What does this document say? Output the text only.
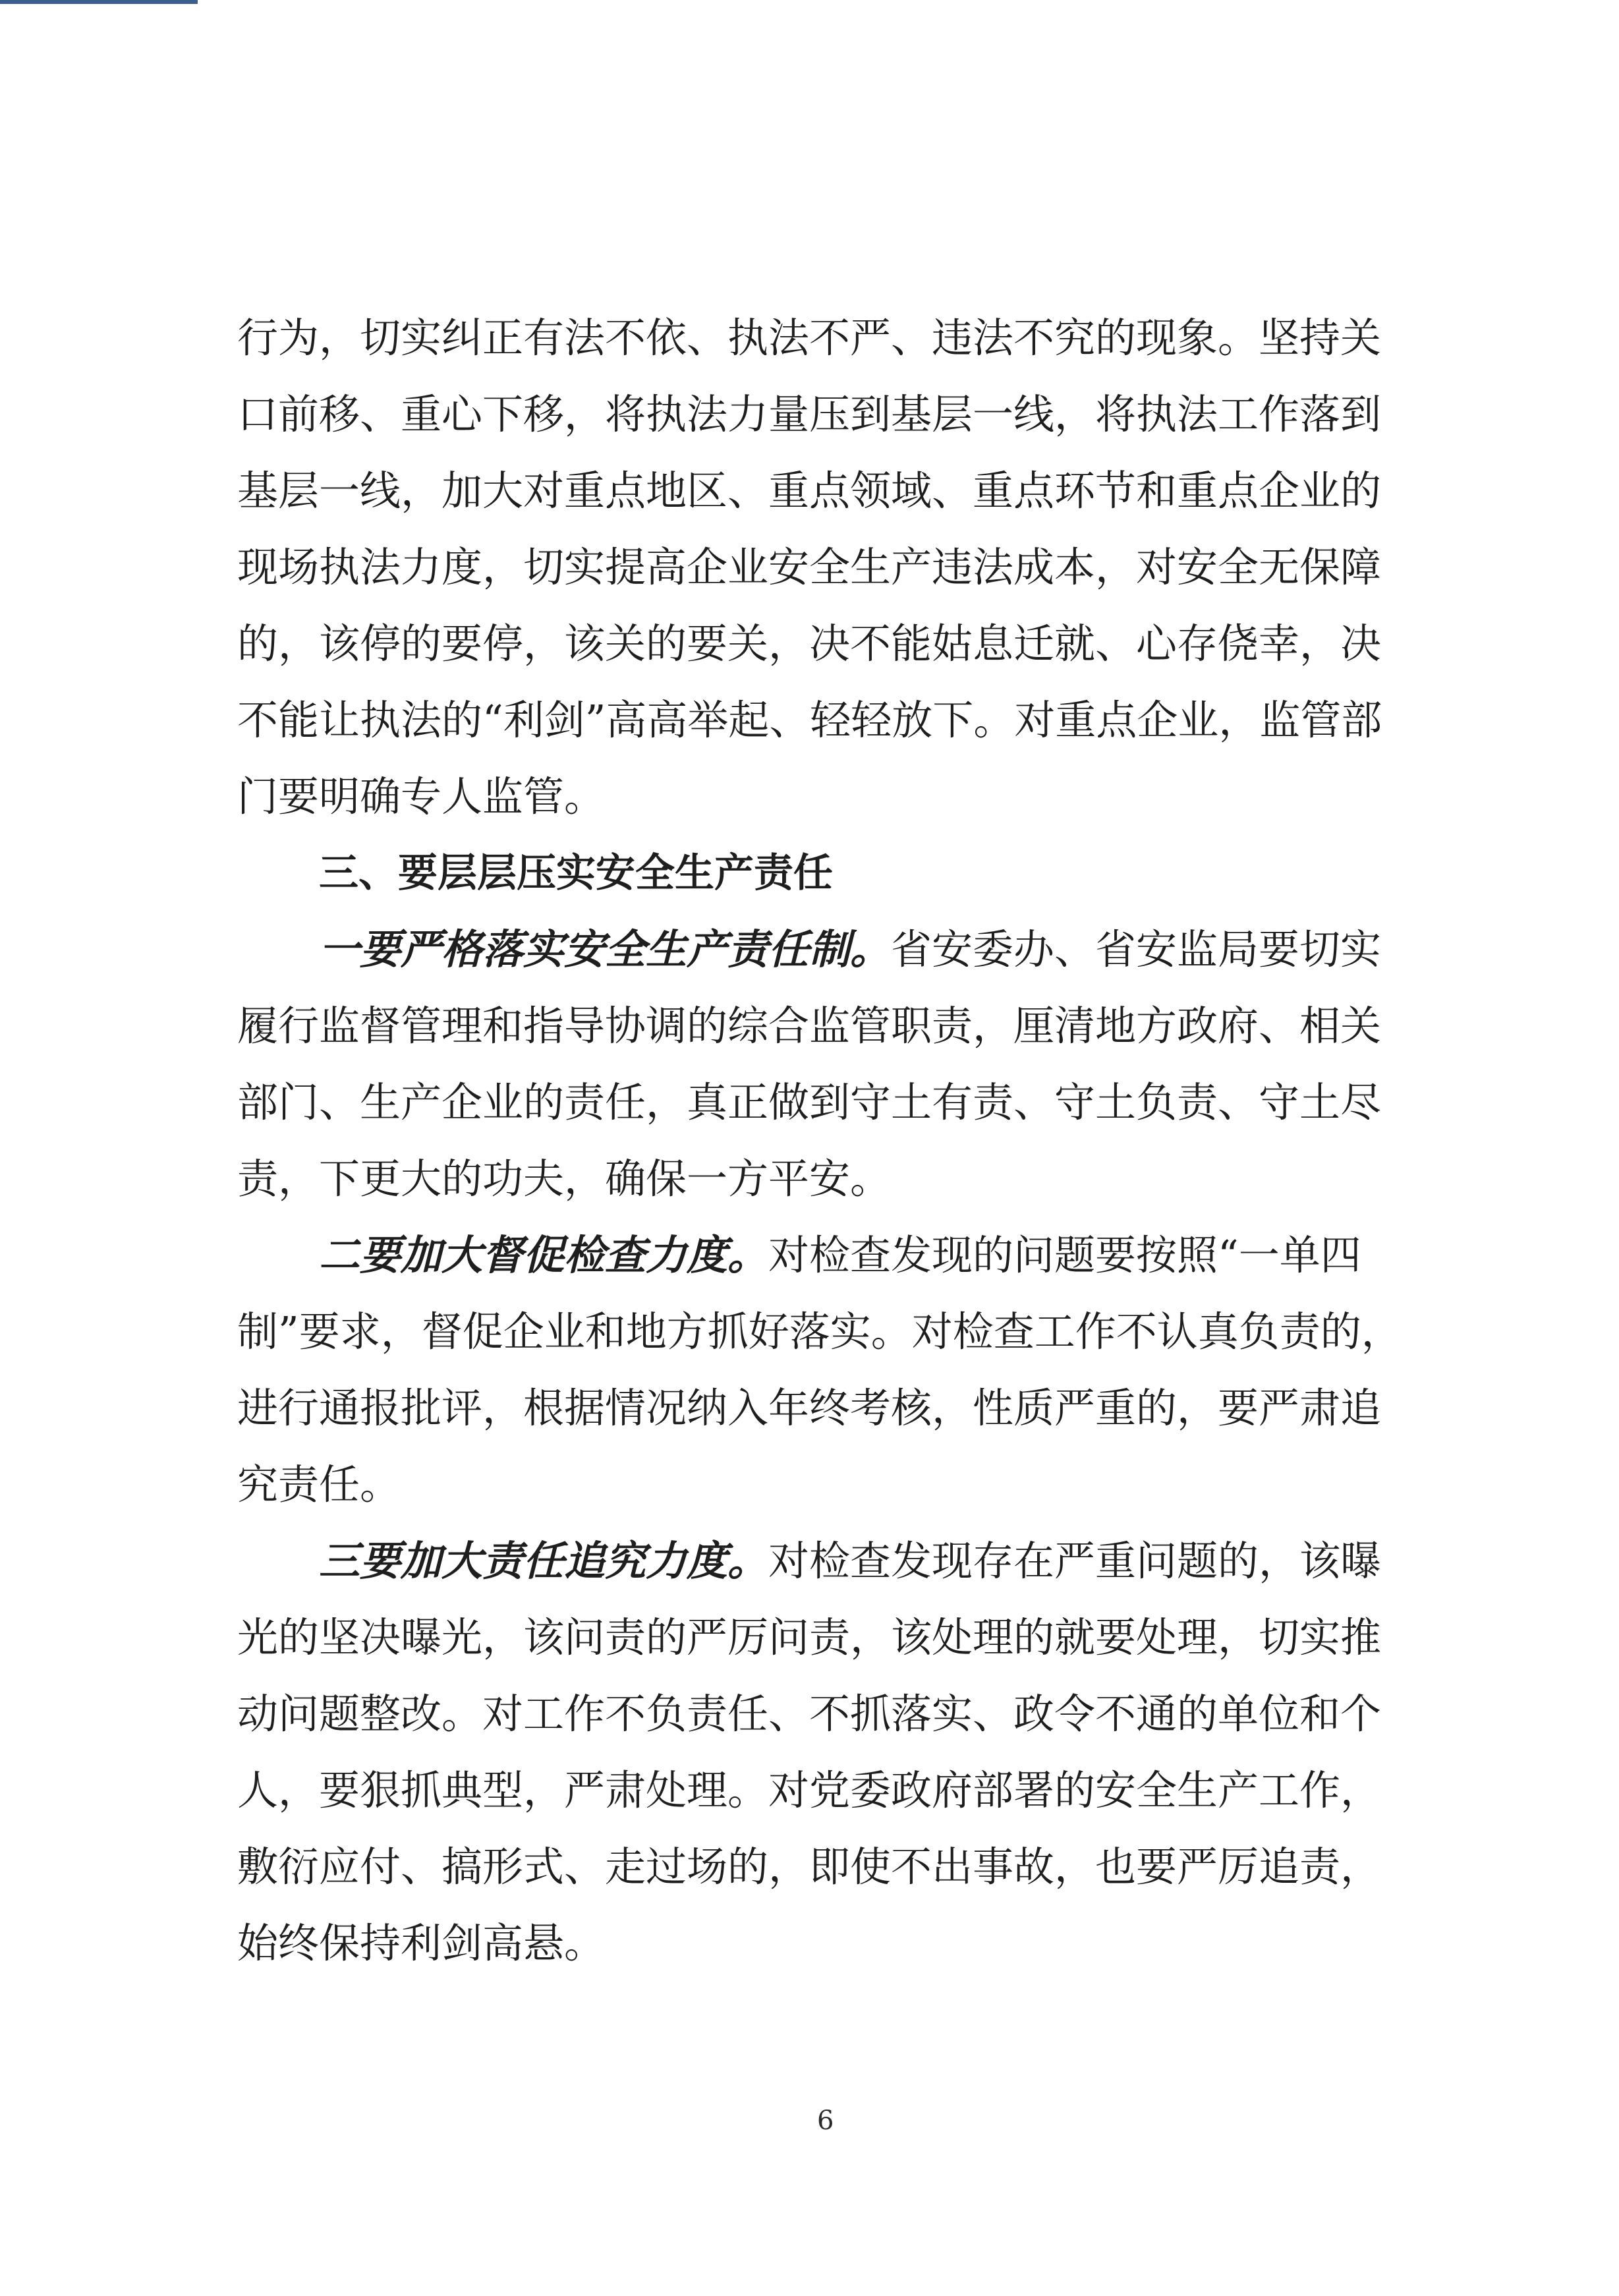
行为，切实纠正有法不依、执法不严、违法不究的现象。坚持关
口前移、重心下移，将执法力量压到基层一线，将执法工作落到
基层一线，加大对重点地区、重点领域、重点环节和重点企业的
现场执法力度，切实提高企业安全生产违法成本，对安全无保障
的，该停的要停，该关的要关，决不能姑息迁就、心存侥幸，决
不能让执法的“利剑”高高举起、轻轻放下。对重点企业，监管部
门要明确专人监管。
三、要层层压实安全生产责任
一要严格落实安全生产责任制。省安委办、省安监局要切实
履行监督管理和指导协调的综合监管职责，厘清地方政府、相关
部门、生产企业的责任，真正做到守土有责、守土负责、守土尽
责，下更大的功夫，确保一方平安。
二要加大督促检查力度。对检查发现的问题要按照“一单四
制”要求，督促企业和地方抓好落实。对检查工作不认真负责的，
进行通报批评，根据情况纳入年终考核，性质严重的，要严肃追
究责任。
三要加大责任追究力度。对检查发现存在严重问题的，该曝
光的坚决曝光，该问责的严厉问责，该处理的就要处理，切实推
动问题整改。对工作不负责任、不抓落实、政令不通的单位和个
人，要狠抓典型，严肃处理。对党委政府部署的安全生产工作，
敷衍应付、搞形式、走过场的，即使不出事故，也要严厉追责，
始终保持利剑高悬。
6
